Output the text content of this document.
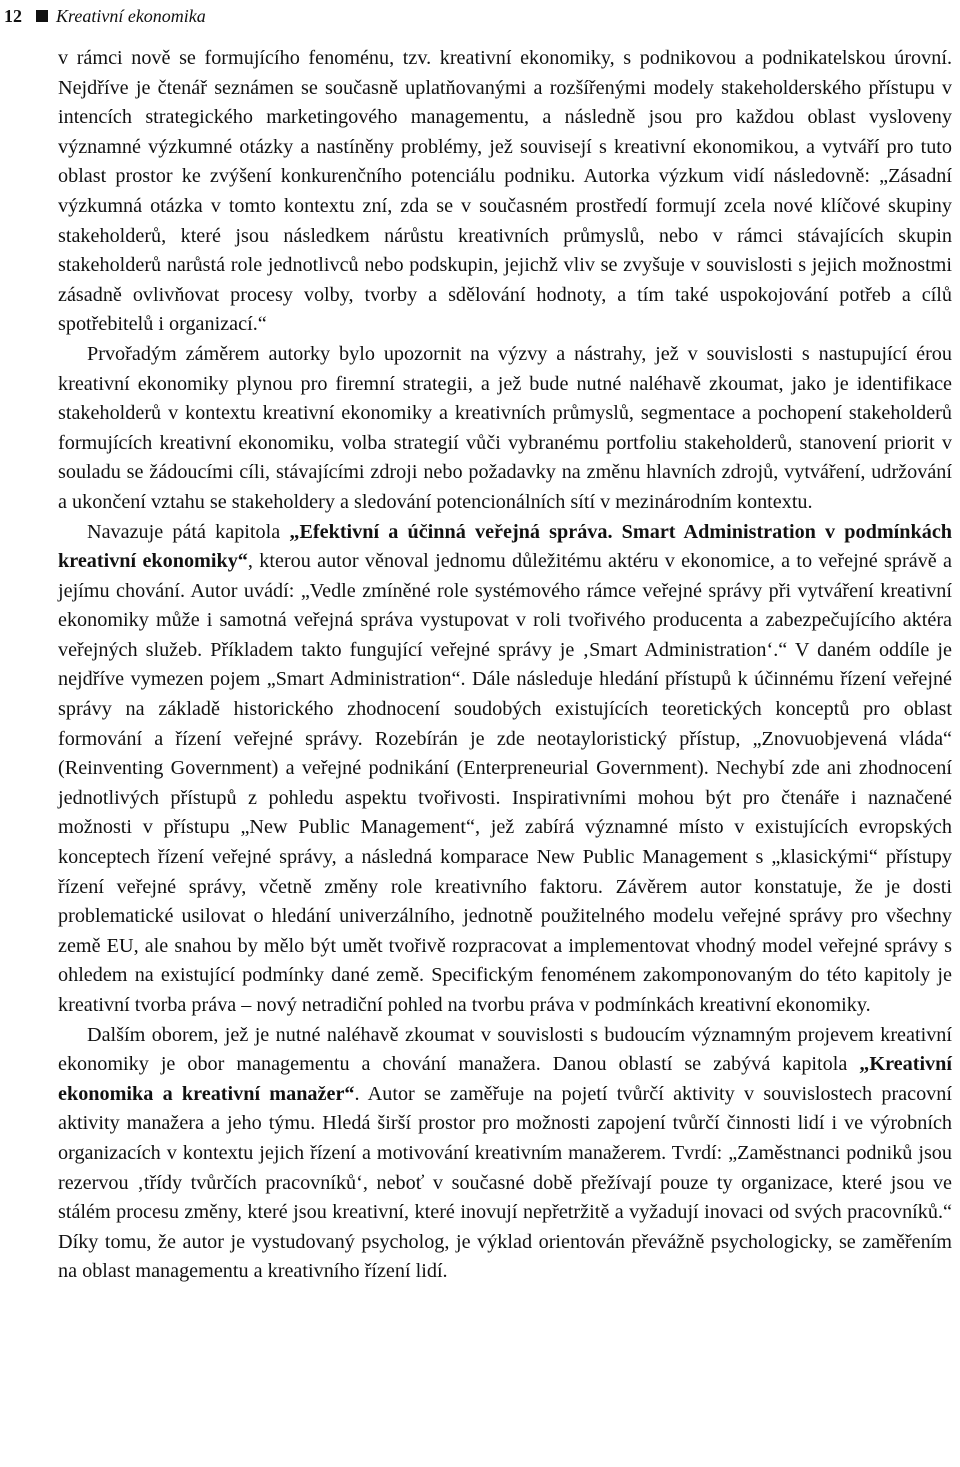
12 Kreativní ekonomika

v rámci nově se formujícího fenoménu, tzv. kreativní ekonomiky, s podnikovou a podnikatelskou úrovní. Nejdříve je čtenář seznámen se současně uplatňovanými a rozšířenými modely stakeholderského přístupu v intencích strategického marketingového managementu, a následně jsou pro každou oblast vysloveny významné výzkumné otázky a nastíněny problémy, jež souvisejí s kreativní ekonomikou, a vytváří pro tuto oblast prostor ke zvýšení konkurenčního potenciálu podniku. Autorka výzkum vidí následovně: „Zásadní výzkumná otázka v tomto kontextu zní, zda se v současném prostředí formují zcela nové klíčové skupiny stakeholderů, které jsou následkem nárůstu kreativních průmyslů, nebo v rámci stávajících skupin stakeholderů narůstá role jednotlivců nebo podskupin, jejichž vliv se zvyšuje v souvislosti s jejich možnostmi zásadně ovlivňovat procesy volby, tvorby a sdělování hodnoty, a tím také uspokojování potřeb a cílů spotřebitelů i organizací.“

Prvořadým záměrem autorky bylo upozornit na výzvy a nástrahy, jež v souvislosti s nastupující érou kreativní ekonomiky plynou pro firemní strategii, a jež bude nutné naléhavě zkoumat, jako je identifikace stakeholderů v kontextu kreativní ekonomiky a kreativních průmyslů, segmentace a pochopení stakeholderů formujících kreativní ekonomiku, volba strategií vůči vybranému portfoliu stakeholderů, stanovení priorit v souladu se žádoucími cíli, stávajícími zdroji nebo požadavky na změnu hlavních zdrojů, vytváření, udržování a ukončení vztahu se stakeholdery a sledování potencionálních sítí v mezinárodním kontextu.

Navazuje pátá kapitola „Efektivní a účinná veřejná správa. Smart Administration v podmínkách kreativní ekonomiky“, kterou autor věnoval jednomu důležitému aktéru v ekonomice, a to veřejné správě a jejímu chování. Autor uvádí: „Vedle zmíněné role systémového rámce veřejné správy při vytváření kreativní ekonomiky může i samotná veřejná správa vystupovat v roli tvořivého producenta a zabezpečujícího aktéra veřejných služeb. Příkladem takto fungující veřejné správy je ‚Smart Administration‘.“ V daném oddíle je nejdříve vymezen pojem „Smart Administration“. Dále následuje hledání přístupů k účinnému řízení veřejné správy na základě historického zhodnocení soudobých existujících teoretických konceptů pro oblast formování a řízení veřejné správy. Rozebírán je zde neotayloristický přístup, „Znovuobjevená vláda“ (Reinventing Government) a veřejné podnikání (Enterpreneurial Government). Nechybí zde ani zhodnocení jednotlivých přístupů z pohledu aspektu tvořivosti. Inspirativními mohou být pro čtenáře i naznačené možnosti v přístupu „New Public Management“, jež zabírá významné místo v existujících evropských konceptech řízení veřejné správy, a následná komparace New Public Management s „klasickými“ přístupy řízení veřejné správy, včetně změny role kreativního faktoru. Závěrem autor konstatuje, že je dosti problematické usilovat o hledání univerzálního, jednotně použitelného modelu veřejné správy pro všechny země EU, ale snahou by mělo být umět tvořivě rozpracovat a implementovat vhodný model veřejné správy s ohledem na existující podmínky dané země. Specifickým fenoménem zakomponovaným do této kapitoly je kreativní tvorba práva – nový netradiční pohled na tvorbu práva v podmínkách kreativní ekonomiky.

Dalším oborem, jež je nutné naléhavě zkoumat v souvislosti s budoucím významným projevem kreativní ekonomiky je obor managementu a chování manažera. Danou oblastí se zabývá kapitola „Kreativní ekonomika a kreativní manažer“. Autor se zaměřuje na pojetí tvůrčí aktivity v souvislostech pracovní aktivity manažera a jeho týmu. Hledá širší prostor pro možnosti zapojení tvůrčí činnosti lidí i ve výrobních organizacích v kontextu jejich řízení a motivování kreativním manažerem. Tvrdí: „Zaměstnanci podniků jsou rezervou ‚třídy tvůrčích pracovníků‘, neboť v současné době přežívají pouze ty organizace, které jsou ve stálém procesu změny, které jsou kreativní, které inovují nepřetržitě a vyžadují inovaci od svých pracovníků.“ Díky tomu, že autor je vystudovaný psycholog, je výklad orientován převážně psychologicky, se zaměřením na oblast managementu a kreativního řízení lidí.
